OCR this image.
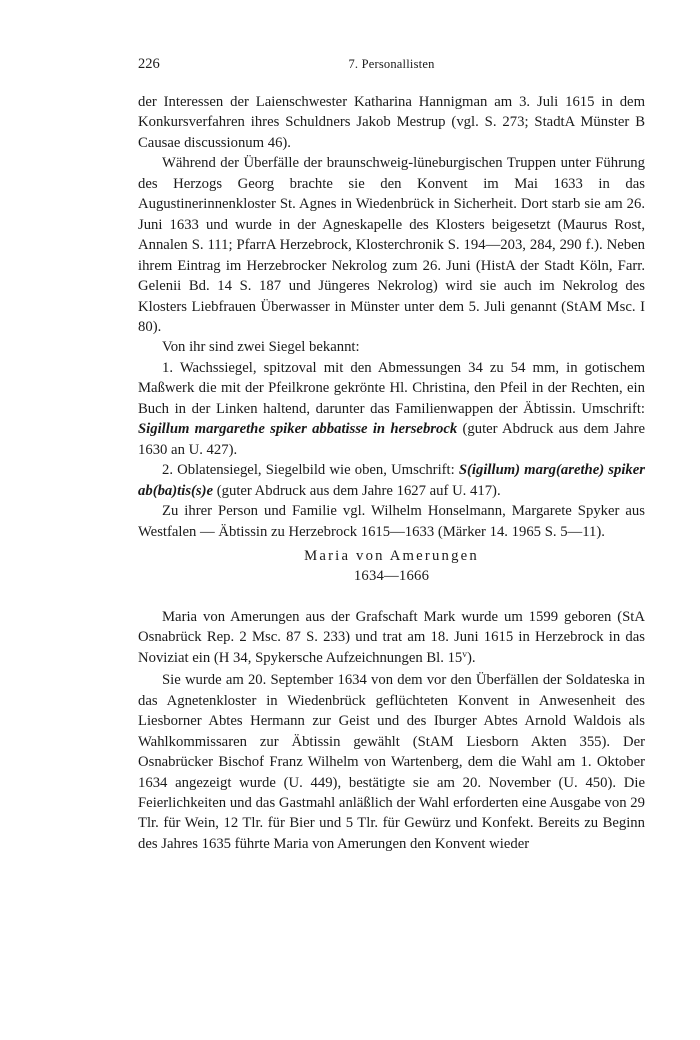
226	7. Personallisten

der Interessen der Laienschwester Katharina Hannigman am 3. Juli 1615 in dem Konkursverfahren ihres Schuldners Jakob Mestrup (vgl. S. 273; StadtA Münster B Causae discussionum 46).

Während der Überfälle der braunschweig-lüneburgischen Truppen unter Führung des Herzogs Georg brachte sie den Konvent im Mai 1633 in das Augustinerinnenkloster St. Agnes in Wiedenbrück in Sicherheit. Dort starb sie am 26. Juni 1633 und wurde in der Agneskapelle des Klosters beigesetzt (Maurus Rost, Annalen S. 111; PfarrA Herzebrock, Klosterchronik S. 194—203, 284, 290 f.). Neben ihrem Eintrag im Herzebrocker Nekrolog zum 26. Juni (HistA der Stadt Köln, Farr. Gelenii Bd. 14 S. 187 und Jüngeres Nekrolog) wird sie auch im Nekrolog des Klosters Liebfrauen Überwasser in Münster unter dem 5. Juli genannt (StAM Msc. I 80).

Von ihr sind zwei Siegel bekannt:

1. Wachssiegel, spitzoval mit den Abmessungen 34 zu 54 mm, in gotischem Maßwerk die mit der Pfeilkrone gekrönte Hl. Christina, den Pfeil in der Rechten, ein Buch in der Linken haltend, darunter das Familienwappen der Äbtissin. Umschrift: Sigillum margarethe spiker abbatisse in hersebrock (guter Abdruck aus dem Jahre 1630 an U. 427).

2. Oblatensiegel, Siegelbild wie oben, Umschrift: S(igillum) marg(arethe) spiker ab(ba)tis(s)e (guter Abdruck aus dem Jahre 1627 auf U. 417).

Zu ihrer Person und Familie vgl. Wilhelm Honselmann, Margarete Spyker aus Westfalen — Äbtissin zu Herzebrock 1615—1633 (Märker 14. 1965 S. 5—11).

Maria von Amerungen
1634—1666

Maria von Amerungen aus der Grafschaft Mark wurde um 1599 geboren (StA Osnabrück Rep. 2 Msc. 87 S. 233) und trat am 18. Juni 1615 in Herzebrock in das Noviziat ein (H 34, Spykersche Aufzeichnungen Bl. 15$^v$).

Sie wurde am 20. September 1634 von dem vor den Überfällen der Soldateska in das Agnetenkloster in Wiedenbrück geflüchteten Konvent in Anwesenheit des Liesborner Abtes Hermann zur Geist und des Iburger Abtes Arnold Waldois als Wahlkommissaren zur Äbtissin gewählt (StAM Liesborn Akten 355). Der Osnabrücker Bischof Franz Wilhelm von Wartenberg, dem die Wahl am 1. Oktober 1634 angezeigt wurde (U. 449), bestätigte sie am 20. November (U. 450). Die Feierlichkeiten und das Gastmahl anläßlich der Wahl erforderten eine Ausgabe von 29 Tlr. für Wein, 12 Tlr. für Bier und 5 Tlr. für Gewürz und Konfekt. Bereits zu Beginn des Jahres 1635 führte Maria von Amerungen den Konvent wieder
